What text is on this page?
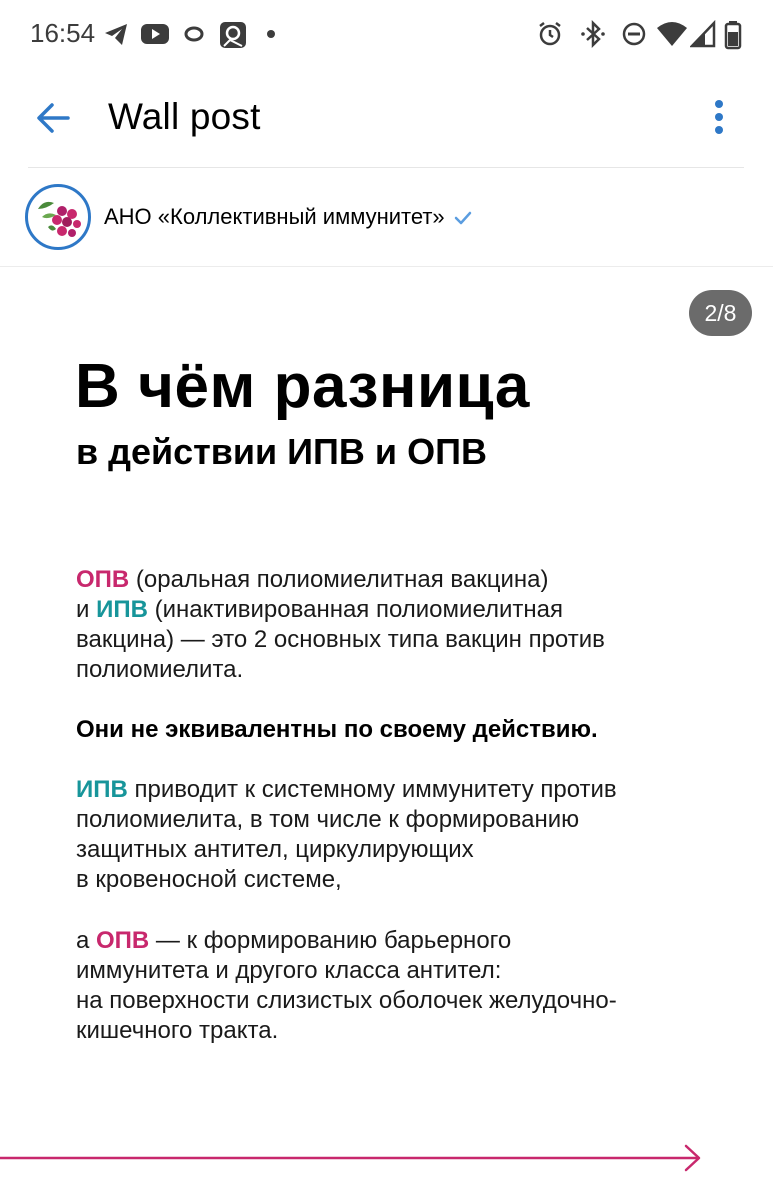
16:54
Wall post
АНО «Коллективный иммунитет»
2/8
В чём разница
в действии ИПВ и ОПВ
ОПВ (оральная полиомиелитная вакцина)
и ИПВ (инактивированная полиомиелитная
вакцина) — это 2 основных типа вакцин против
полиомиелита.
Они не эквивалентны по своему действию.
ИПВ приводит к системному иммунитету против
полиомиелита, в том числе к формированию
защитных антител, циркулирующих
в кровеносной системе,
а ОПВ — к формированию барьерного
иммунитета и другого класса антител:
на поверхности слизистых оболочек желудочно-
кишечного тракта.
